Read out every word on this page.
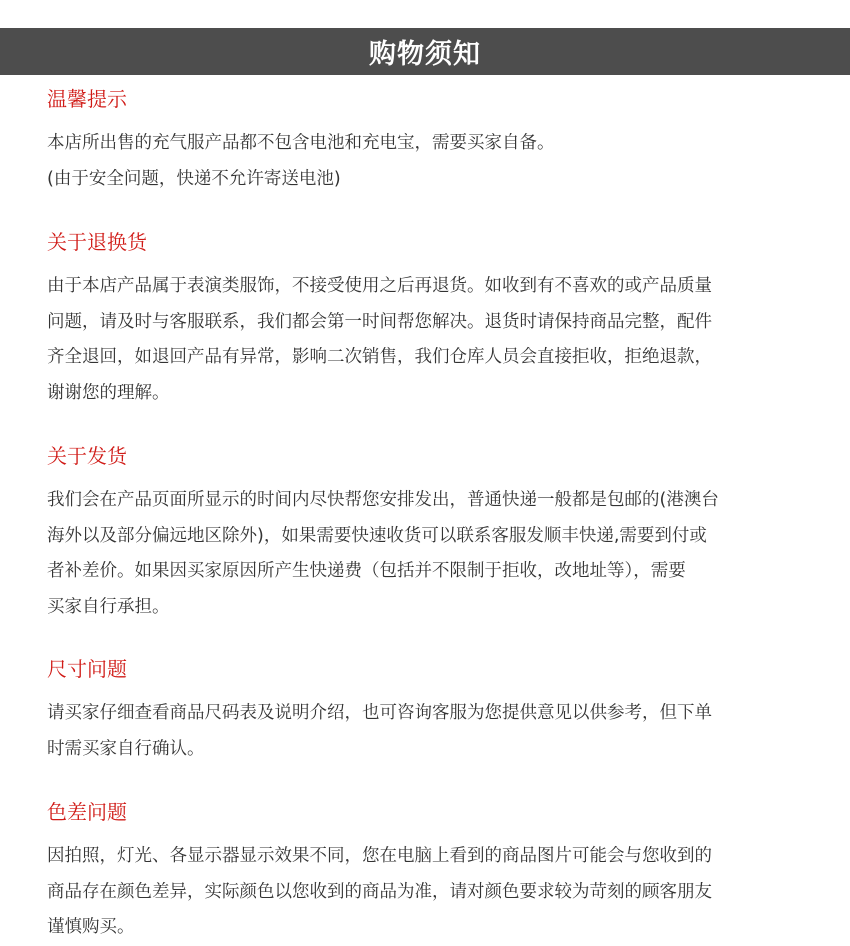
购物须知
温馨提示
本店所出售的充气服产品都不包含电池和充电宝，需要买家自备。
(由于安全问题，快递不允许寄送电池)
关于退换货
由于本店产品属于表演类服饰，不接受使用之后再退货。如收到有不喜欢的或产品质量
问题，请及时与客服联系，我们都会第一时间帮您解决。退货时请保持商品完整，配件
齐全退回，如退回产品有异常，影响二次销售，我们仓库人员会直接拒收，拒绝退款，
谢谢您的理解。
关于发货
我们会在产品页面所显示的时间内尽快帮您安排发出，普通快递一般都是包邮的(港澳台
海外以及部分偏远地区除外)，如果需要快速收货可以联系客服发顺丰快递,需要到付或
者补差价。如果因买家原因所产生快递费（包括并不限制于拒收，改地址等），需要
买家自行承担。
尺寸问题
请买家仔细查看商品尺码表及说明介绍，也可咨询客服为您提供意见以供参考，但下单
时需买家自行确认。
色差问题
因拍照，灯光、各显示器显示效果不同，您在电脑上看到的商品图片可能会与您收到的
商品存在颜色差异，实际颜色以您收到的商品为准，请对颜色要求较为苛刻的顾客朋友
谨慎购买。
